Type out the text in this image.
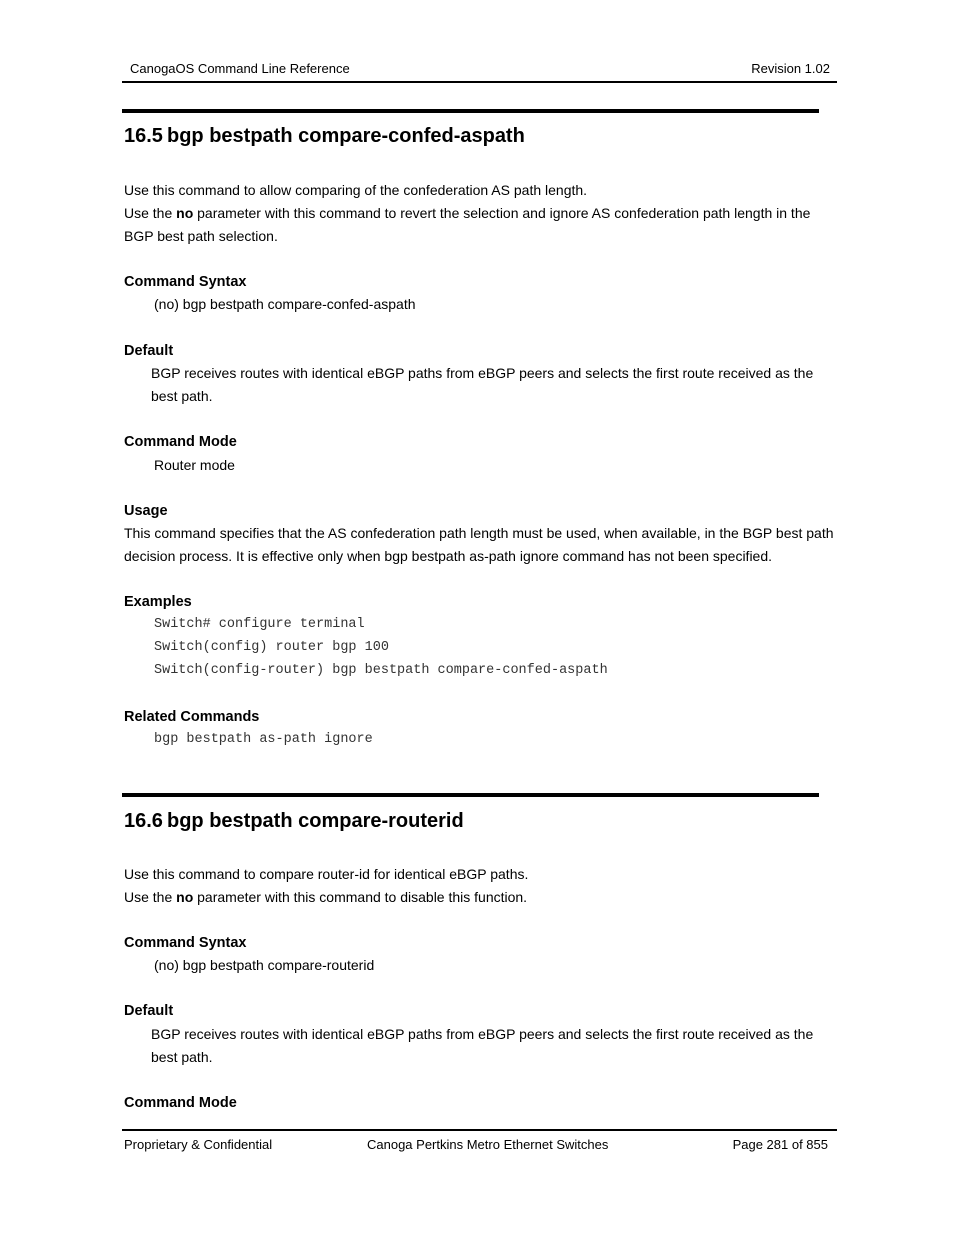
CanogaOS Command Line Reference	Revision 1.02
16.5 bgp bestpath compare-confed-aspath
Use this command to allow comparing of the confederation AS path length.
Use the no parameter with this command to revert the selection and ignore AS confederation path length in the BGP best path selection.
Command Syntax
(no) bgp bestpath compare-confed-aspath
Default
BGP receives routes with identical eBGP paths from eBGP peers and selects the first route received as the best path.
Command Mode
Router mode
Usage
This command specifies that the AS confederation path length must be used, when available, in the BGP best path decision process. It is effective only when bgp bestpath as-path ignore command has not been specified.
Examples
Switch# configure terminal
Switch(config) router bgp 100
Switch(config-router) bgp bestpath compare-confed-aspath
Related Commands
bgp bestpath as-path ignore
16.6 bgp bestpath compare-routerid
Use this command to compare router-id for identical eBGP paths.
Use the no parameter with this command to disable this function.
Command Syntax
(no) bgp bestpath compare-routerid
Default
BGP receives routes with identical eBGP paths from eBGP peers and selects the first route received as the best path.
Command Mode
Proprietary & Confidential	Canoga Pertkins Metro Ethernet Switches	Page 281 of 855
